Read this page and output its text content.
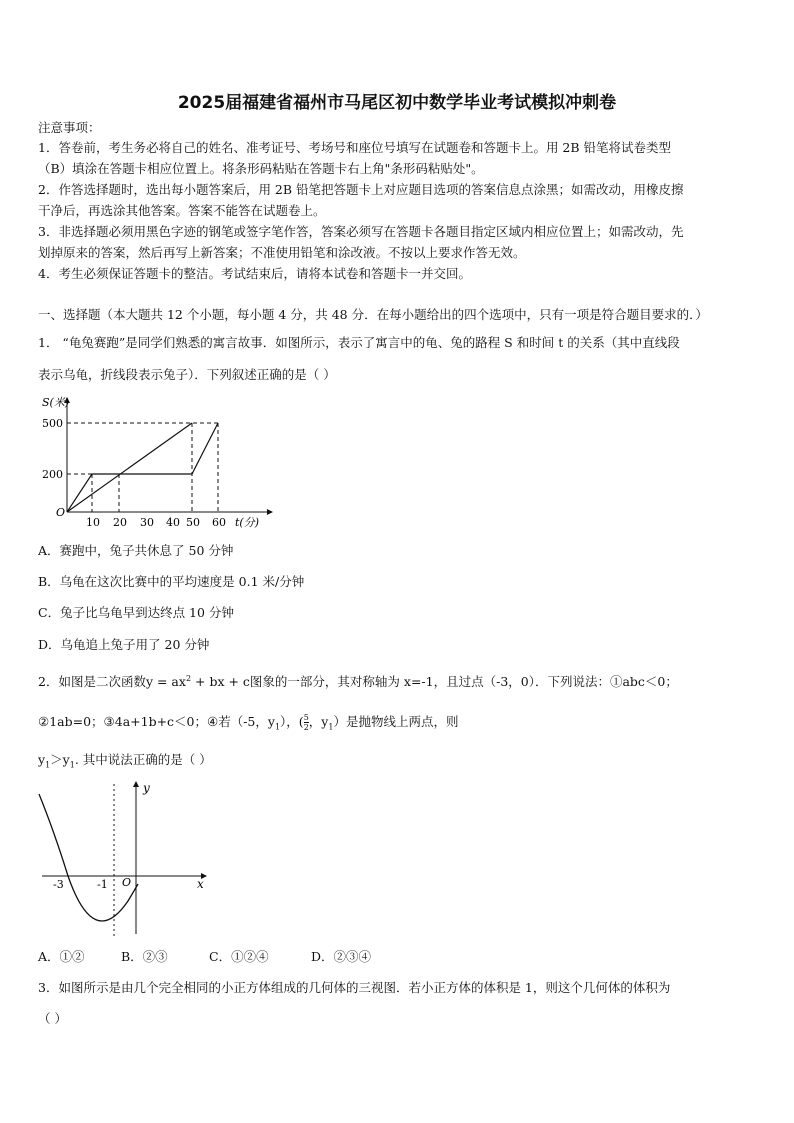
2025届福建省福州市马尾区初中数学毕业考试模拟冲刺卷
注意事项：
1．答卷前，考生务必将自己的姓名、准考证号、考场号和座位号填写在试题卷和答题卡上。用 2B 铅笔将试卷类型
（B）填涂在答题卡相应位置上。将条形码粘贴在答题卡右上角"条形码粘贴处"。
2．作答选择题时，选出每小题答案后，用 2B 铅笔把答题卡上对应题目选项的答案信息点涂黑；如需改动，用橡皮擦
干净后，再选涂其他答案。答案不能答在试题卷上。
3．非选择题必须用黑色字迹的钢笔或签字笔作答，答案必须写在答题卡各题目指定区域内相应位置上；如需改动，先
划掉原来的答案，然后再写上新答案；不准使用铅笔和涂改液。不按以上要求作答无效。
4．考生必须保证答题卡的整洁。考试结束后，请将本试卷和答题卡一并交回。
一、选择题（本大题共 12 个小题，每小题 4 分，共 48 分．在每小题给出的四个选项中，只有一项是符合题目要求的．）
1． “龟兔赛跑”是同学们熟悉的寓言故事．如图所示，表示了寓言中的龟、兔的路程 S 和时间 t 的关系（其中直线段
表示乌龟，折线段表示兔子）．下列叙述正确的是（ ）
S(米)
500
200
O
10 20 30 40 50 60 t(分)
A．赛跑中，兔子共休息了 50 分钟
B．乌龟在这次比赛中的平均速度是 0.1 米/分钟
C．兔子比乌龟早到达终点 10 分钟
D．乌龟追上兔子用了 20 分钟
2．如图是二次函数$y = ax^2$ + bx + c图象的一部分，其对称轴为 x=-1，且过点（-3，0）．下列说法：①abc＜0；
②1ab=0；③4a+1b+c＜0；④若（-5，$y_1$），( $\frac{5}{2}$ ，$y_1$）是抛物线上两点，则
$y_1>y_1$. 其中说法正确的是（ ）
y
x
O
-3	-1
A．①②	B．②③	C．①②④	D．②③④
3．如图所示是由几个完全相同的小正方体组成的几何体的三视图．若小正方体的体积是 1，则这个几何体的体积为
（ ）
